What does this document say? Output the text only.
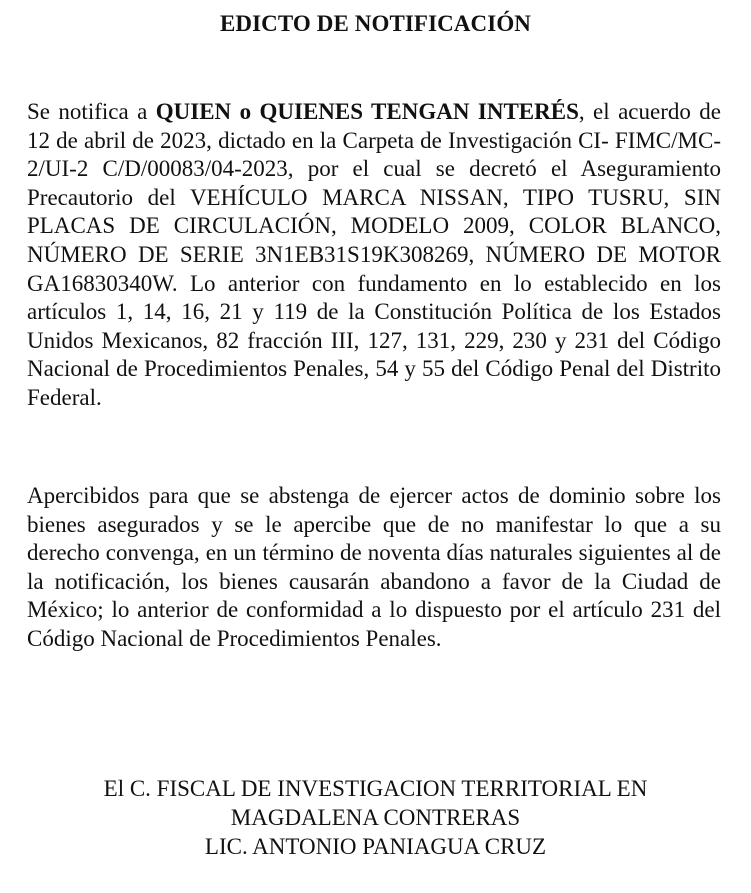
EDICTO DE NOTIFICACIÓN

Se notifica a QUIEN o QUIENES TENGAN INTERÉS, el acuerdo de 12 de abril de 2023, dictado en la Carpeta de Investigación CI- FIMC/MC-2/UI-2 C/D/00083/04-2023, por el cual se decretó el Aseguramiento Precautorio del VEHÍCULO MARCA NISSAN, TIPO TUSRU, SIN PLACAS DE CIRCULACIÓN, MODELO 2009, COLOR BLANCO, NÚMERO DE SERIE 3N1EB31S19K308269, NÚMERO DE MOTOR GA16830340W. Lo anterior con fundamento en lo establecido en los artículos 1, 14, 16, 21 y 119 de la Constitución Política de los Estados Unidos Mexicanos, 82 fracción III, 127, 131, 229, 230 y 231 del Código Nacional de Procedimientos Penales, 54 y 55 del Código Penal del Distrito Federal.

Apercibidos para que se abstenga de ejercer actos de dominio sobre los bienes asegurados y se le apercibe que de no manifestar lo que a su derecho convenga, en un término de noventa días naturales siguientes al de la notificación, los bienes causarán abandono a favor de la Ciudad de México; lo anterior de conformidad a lo dispuesto por el artículo 231 del Código Nacional de Procedimientos Penales.

El C. FISCAL DE INVESTIGACION TERRITORIAL EN
MAGDALENA CONTRERAS
LIC. ANTONIO PANIAGUA CRUZ
